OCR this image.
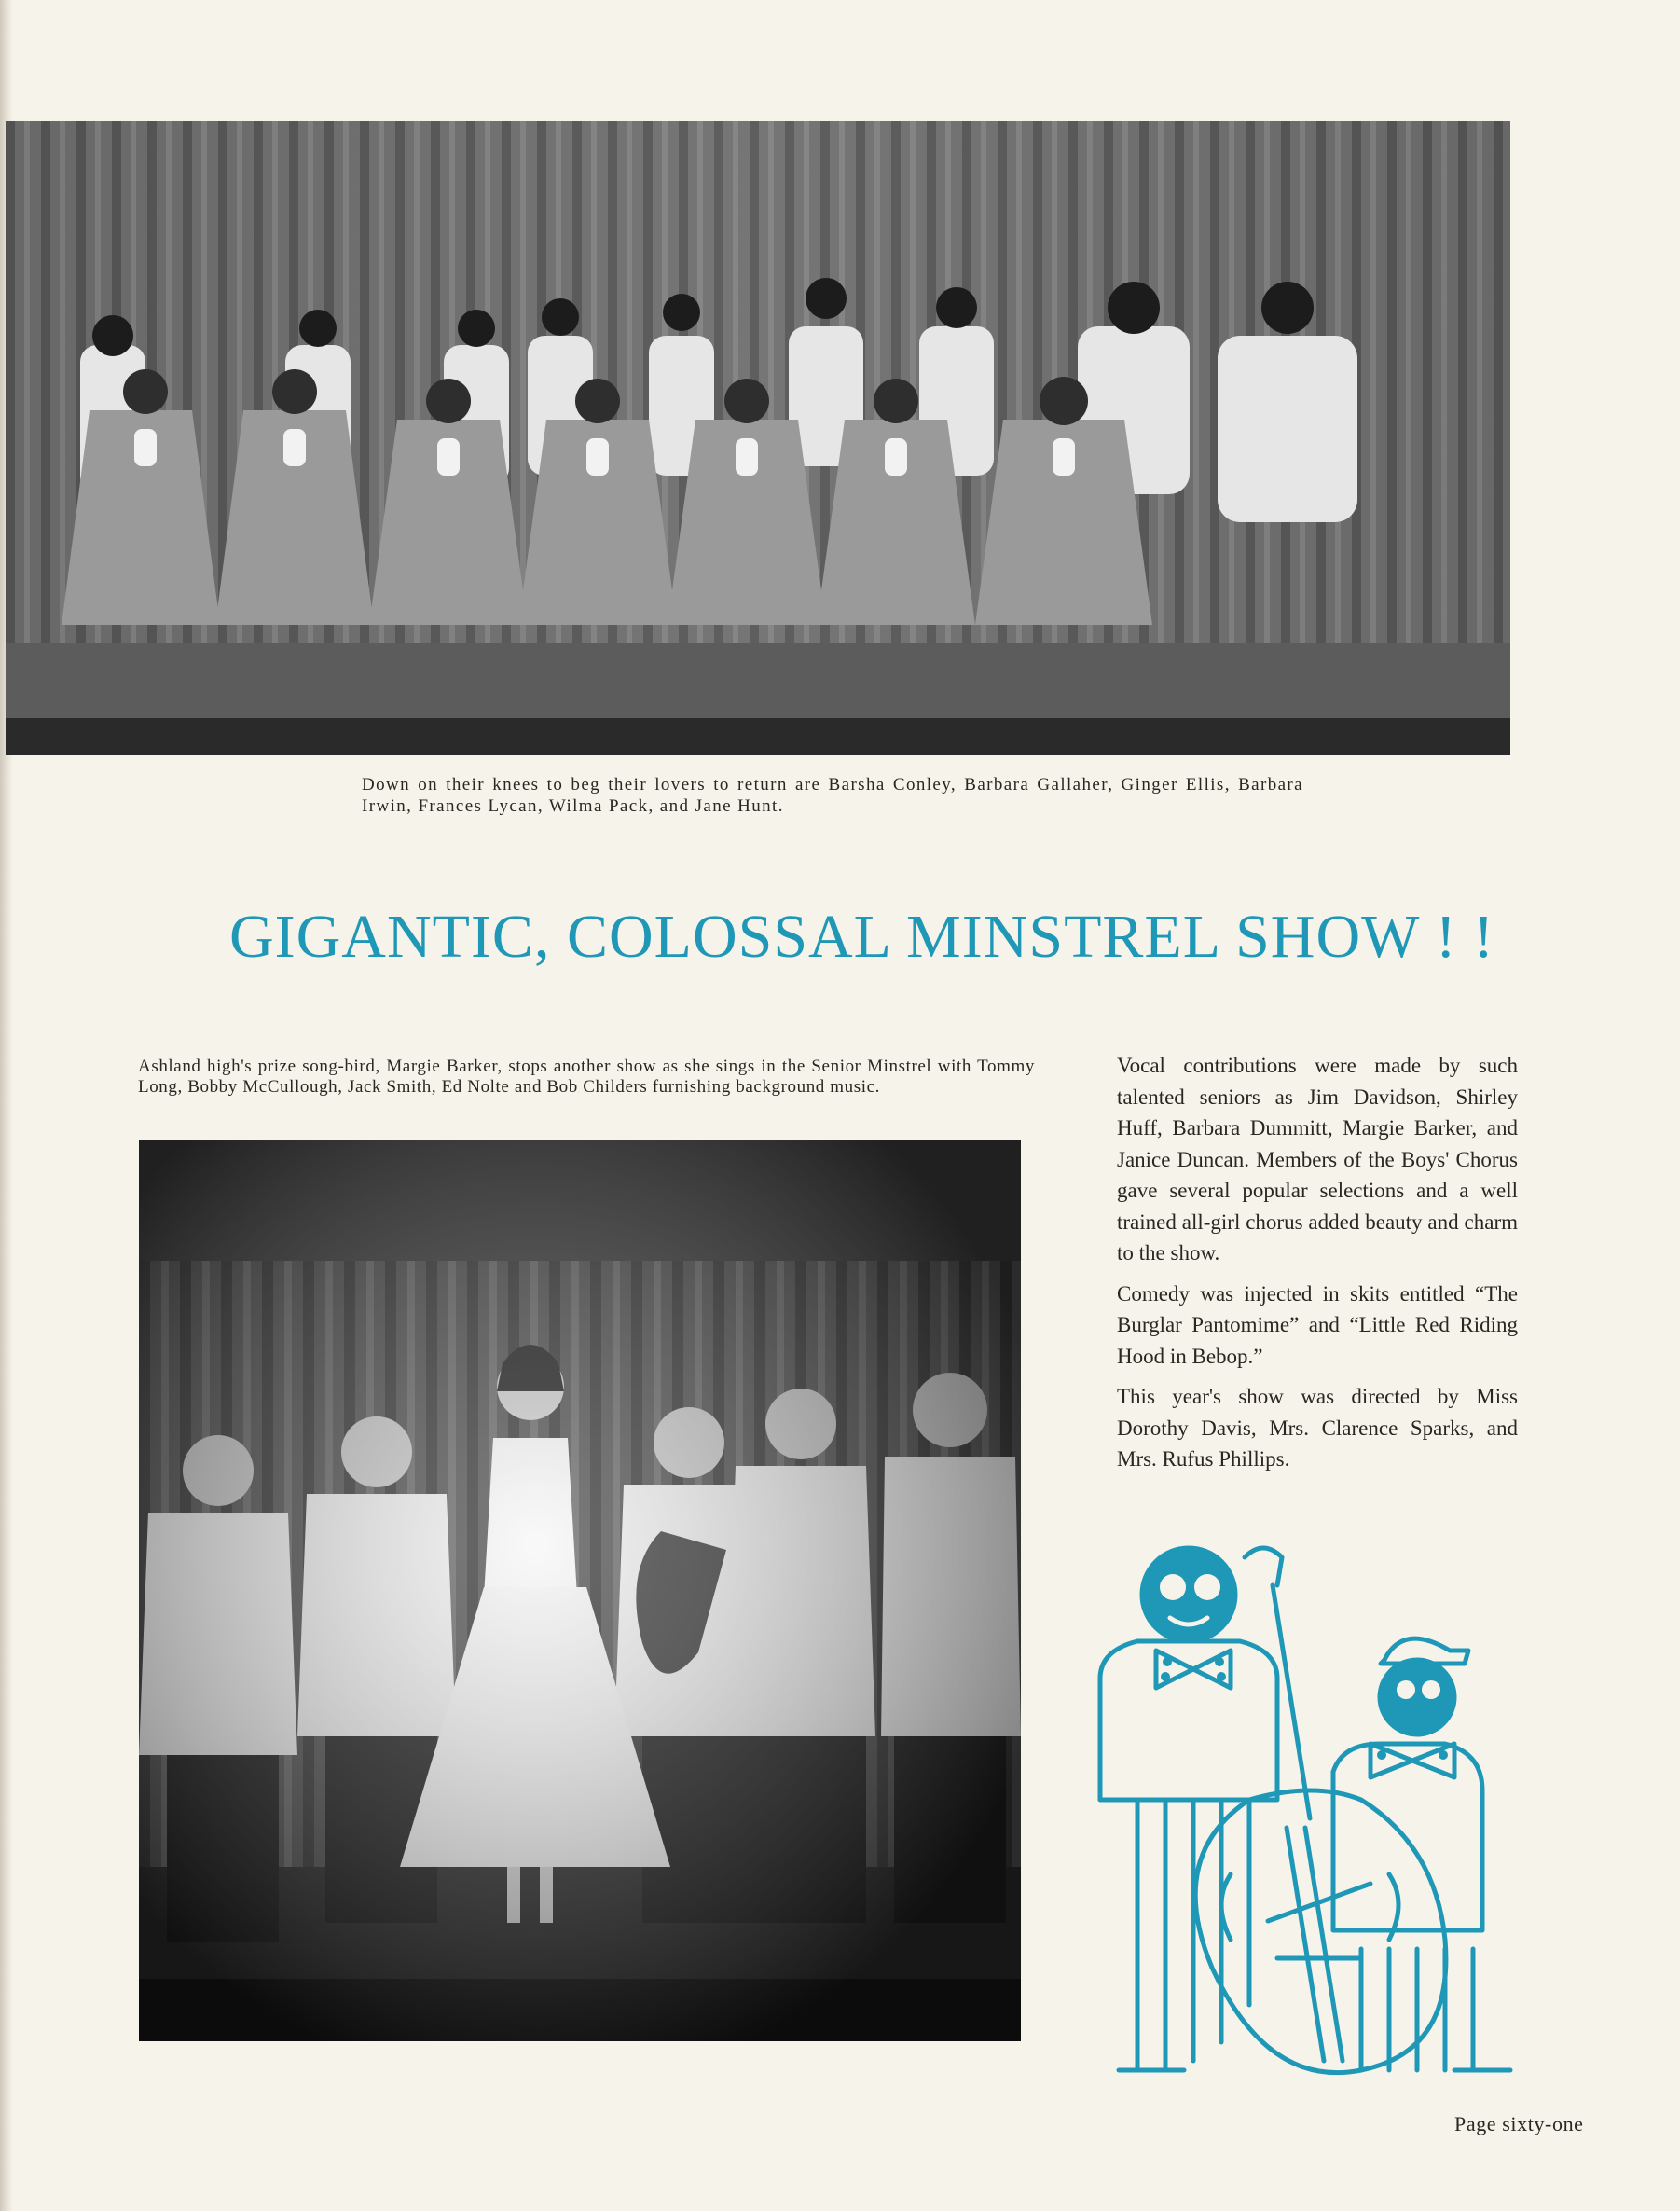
Down on their knees to beg their lovers to return are Barsha Conley, Barbara Gallaher, Ginger Ellis, Barbara Irwin, Frances Lycan, Wilma Pack, and Jane Hunt.
GIGANTIC, COLOSSAL MINSTREL SHOW ! !
Ashland high's prize song-bird, Margie Barker, stops another show as she sings in the Senior Minstrel with Tommy Long, Bobby McCullough, Jack Smith, Ed Nolte and Bob Childers furnishing background music.

Vocal contributions were made by such talented seniors as Jim Davidson, Shirley Huff, Barbara Dummitt, Margie Barker, and Janice Duncan. Members of the Boys' Chorus gave several popular selections and a well trained all-girl chorus added beauty and charm to the show.

Comedy was injected in skits entitled “The Burglar Pantomime” and “Little Red Riding Hood in Bebop.”

This year's show was directed by Miss Dorothy Davis, Mrs. Clarence Sparks, and Mrs. Rufus Phillips.

Page sixty-one
